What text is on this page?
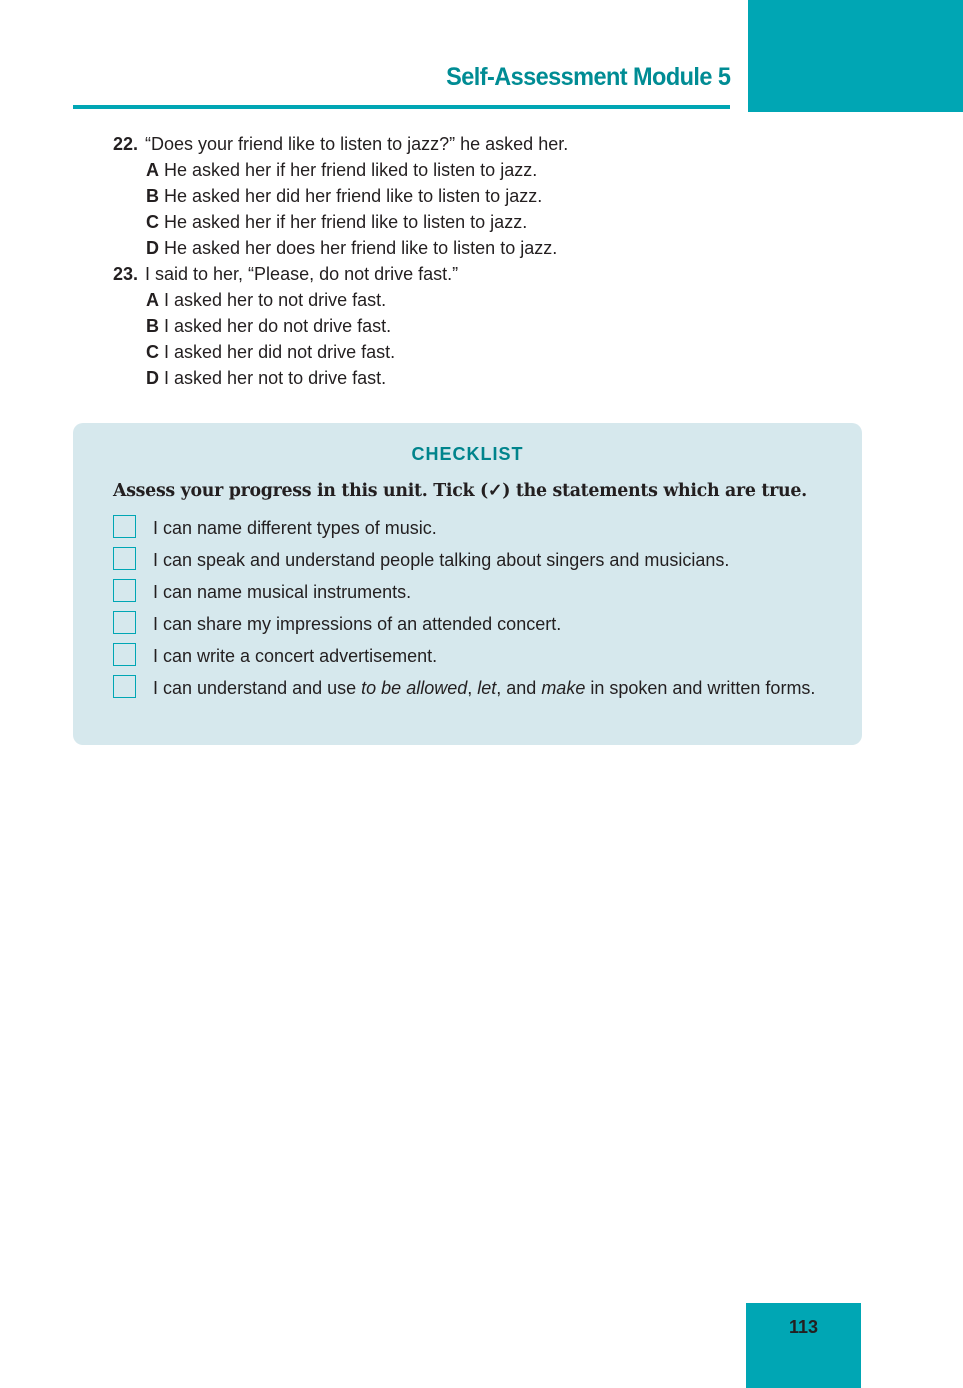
Self-Assessment Module 5
22. “Does your friend like to listen to jazz?” he asked her.
A He asked her if her friend liked to listen to jazz.
B He asked her did her friend like to listen to jazz.
C He asked her if her friend like to listen to jazz.
D He asked her does her friend like to listen to jazz.
23. I said to her, “Please, do not drive fast.”
A I asked her to not drive fast.
B I asked her do not drive fast.
C I asked her did not drive fast.
D I asked her not to drive fast.
CHECKLIST
Assess your progress in this unit. Tick (✓) the statements which are true.
I can name different types of music.
I can speak and understand people talking about singers and musicians.
I can name musical instruments.
I can share my impressions of an attended concert.
I can write a concert advertisement.
I can understand and use to be allowed, let, and make in spoken and written forms.
113
